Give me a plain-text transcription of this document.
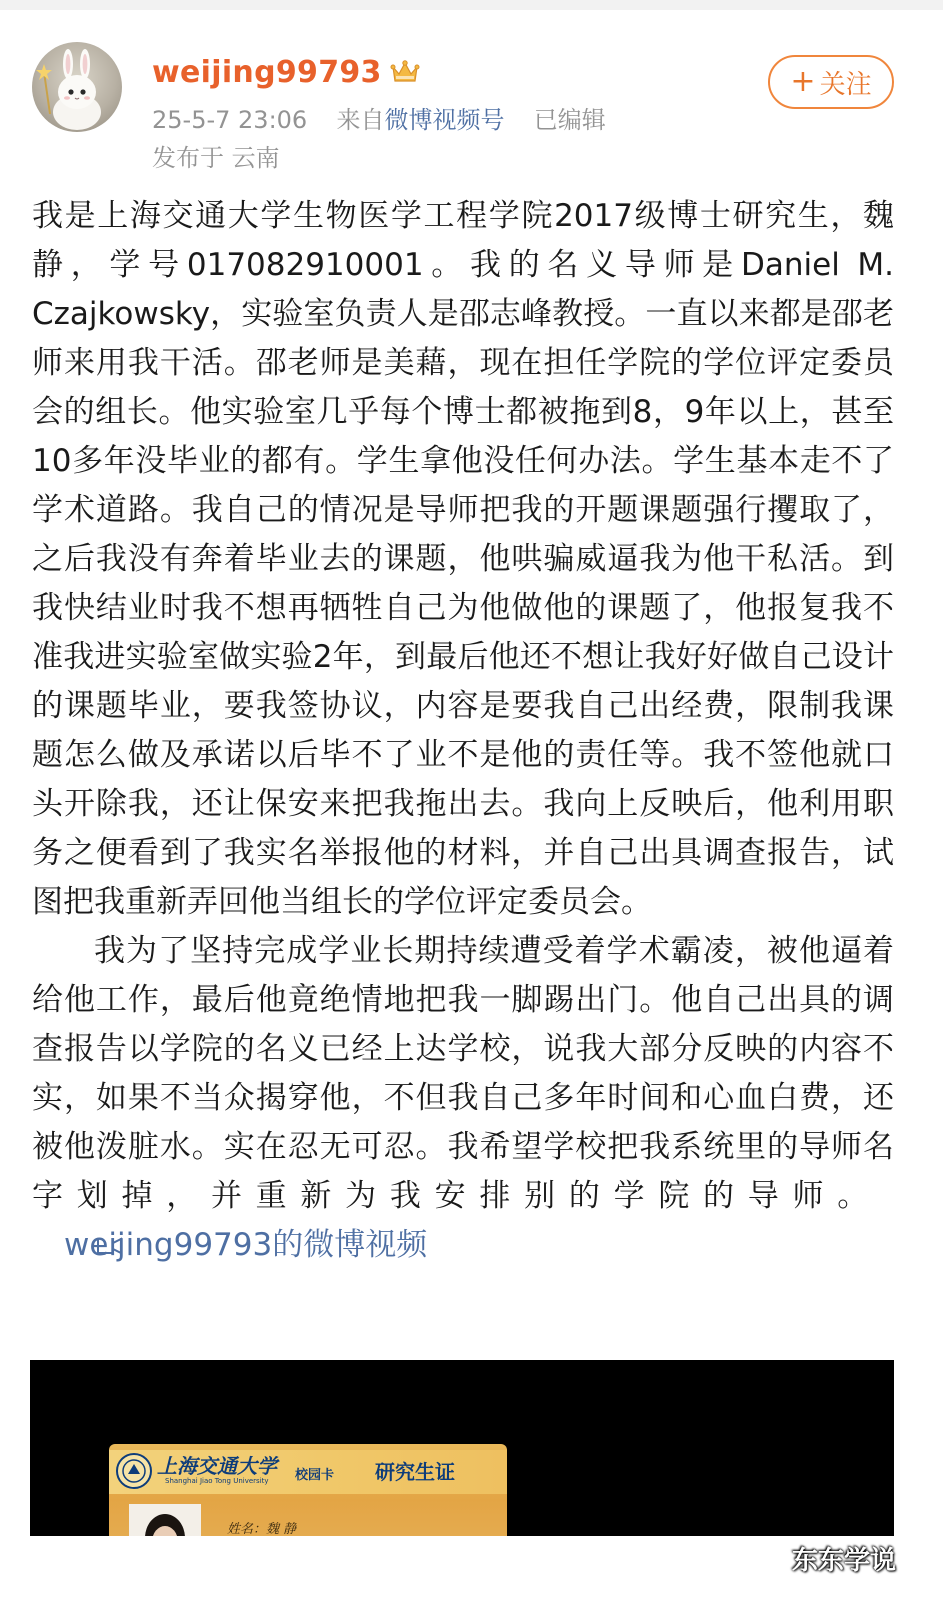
weijing99793
25-5-7 23:06 来自微博视频号 已编辑
发布于 云南
+ 关注

我是上海交通大学生物医学工程学院2017级博士研究生，魏静，学号017082910001。我的名义导师是Daniel M. Czajkowsky，实验室负责人是邵志峰教授。一直以来都是邵老师来用我干活。邵老师是美藉，现在担任学院的学位评定委员会的组长。他实验室几乎每个博士都被拖到8，9年以上，甚至10多年没毕业的都有。学生拿他没任何办法。学生基本走不了学术道路。我自己的情况是导师把我的开题课题强行攫取了，之后我没有奔着毕业去的课题，他哄骗威逼我为他干私活。到我快结业时我不想再牺牲自己为他做他的课题了，他报复我不准我进实验室做实验2年，到最后他还不想让我好好做自己设计的课题毕业，要我签协议，内容是要我自己出经费，限制我课题怎么做及承诺以后毕不了业不是他的责任等。我不签他就口头开除我，还让保安来把我拖出去。我向上反映后，他利用职务之便看到了我实名举报他的材料，并自己出具调查报告，试图把我重新弄回他当组长的学位评定委员会。

我为了坚持完成学业长期持续遭受着学术霸凌，被他逼着给他工作，最后他竟绝情地把我一脚踢出门。他自己出具的调查报告以学院的名义已经上达学校，说我大部分反映的内容不实，如果不当众揭穿他，不但我自己多年时间和心血白费，还被他泼脏水。实在忍无可忍。我希望学校把我系统里的导师名字划掉，并重新为我安排别的学院的导师。weijing99793的微博视频

上海交通大学
Shanghai Jiao Tong University 校园卡 研究生证
姓名：魏 静
东东学说
